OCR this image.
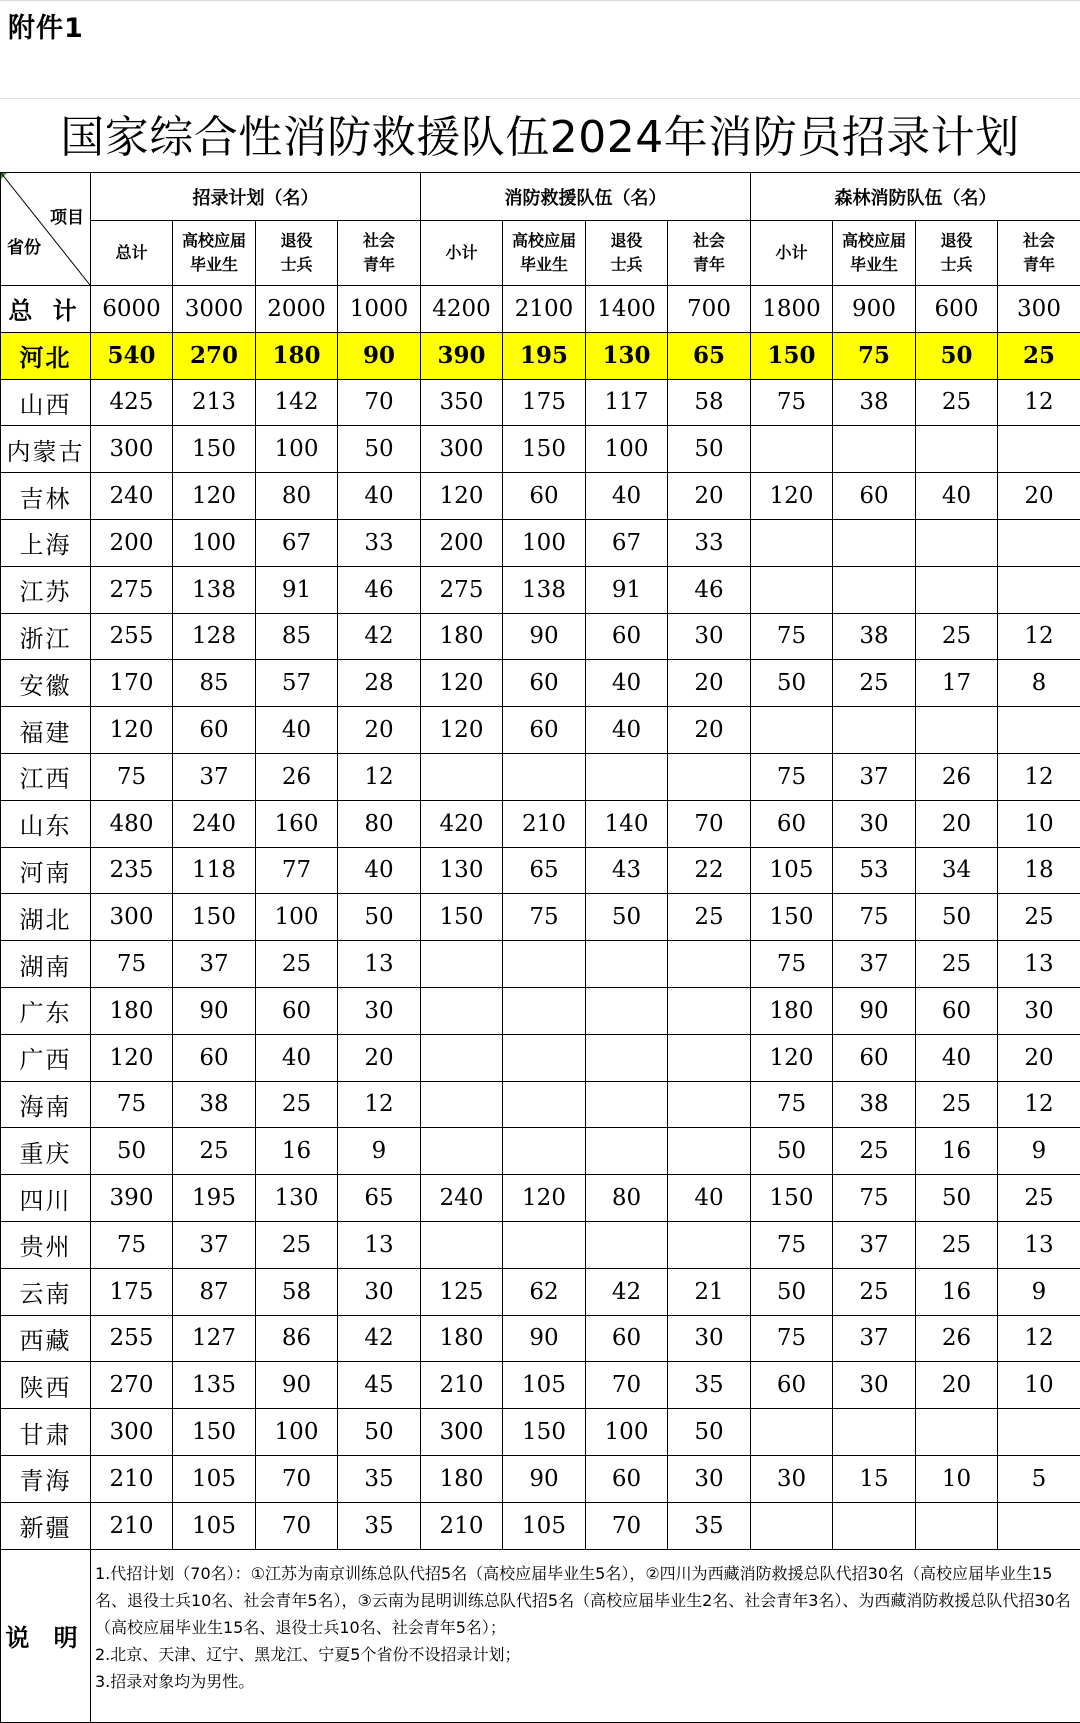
附件1
国家综合性消防救援队伍2024年消防员招录计划
项目
省份	招录计划（名）				消防救援队伍（名）				森林消防队伍（名）			
	总计	高校应届
毕业生	退役
士兵	社会
青年	小计	高校应届
毕业生	退役
士兵	社会
青年	小计	高校应届
毕业生	退役
士兵	社会
青年
总 计	6000	3000	2000	1000	4200	2100	1400	700	1800	900	600	300
河北	540	270	180	90	390	195	130	65	150	75	50	25
山西	425	213	142	70	350	175	117	58	75	38	25	12
内蒙古	300	150	100	50	300	150	100	50				
吉林	240	120	80	40	120	60	40	20	120	60	40	20
上海	200	100	67	33	200	100	67	33				
江苏	275	138	91	46	275	138	91	46				
浙江	255	128	85	42	180	90	60	30	75	38	25	12
安徽	170	85	57	28	120	60	40	20	50	25	17	8
福建	120	60	40	20	120	60	40	20				
江西	75	37	26	12					75	37	26	12
山东	480	240	160	80	420	210	140	70	60	30	20	10
河南	235	118	77	40	130	65	43	22	105	53	34	18
湖北	300	150	100	50	150	75	50	25	150	75	50	25
湖南	75	37	25	13					75	37	25	13
广东	180	90	60	30					180	90	60	30
广西	120	60	40	20					120	60	40	20
海南	75	38	25	12					75	38	25	12
重庆	50	25	16	9					50	25	16	9
四川	390	195	130	65	240	120	80	40	150	75	50	25
贵州	75	37	25	13					75	37	25	13
云南	175	87	58	30	125	62	42	21	50	25	16	9
西藏	255	127	86	42	180	90	60	30	75	37	26	12
陕西	270	135	90	45	210	105	70	35	60	30	20	10
甘肃	300	150	100	50	300	150	100	50				
青海	210	105	70	35	180	90	60	30	30	15	10	5
新疆	210	105	70	35	210	105	70	35				
说 明	1.代招计划（70名）：①江苏为南京训练总队代招5名（高校应届毕业生5名），②四川为西藏消防救援总队代招30名（高校应届毕业生15名、退役士兵10名、社会青年5名），③云南为昆明训练总队代招5名（高校应届毕业生2名、社会青年3名）、为西藏消防救援总队代招30名（高校应届毕业生15名、退役士兵10名、社会青年5名）；
2.北京、天津、辽宁、黑龙江、宁夏5个省份不设招录计划；
3.招录对象均为男性。											
